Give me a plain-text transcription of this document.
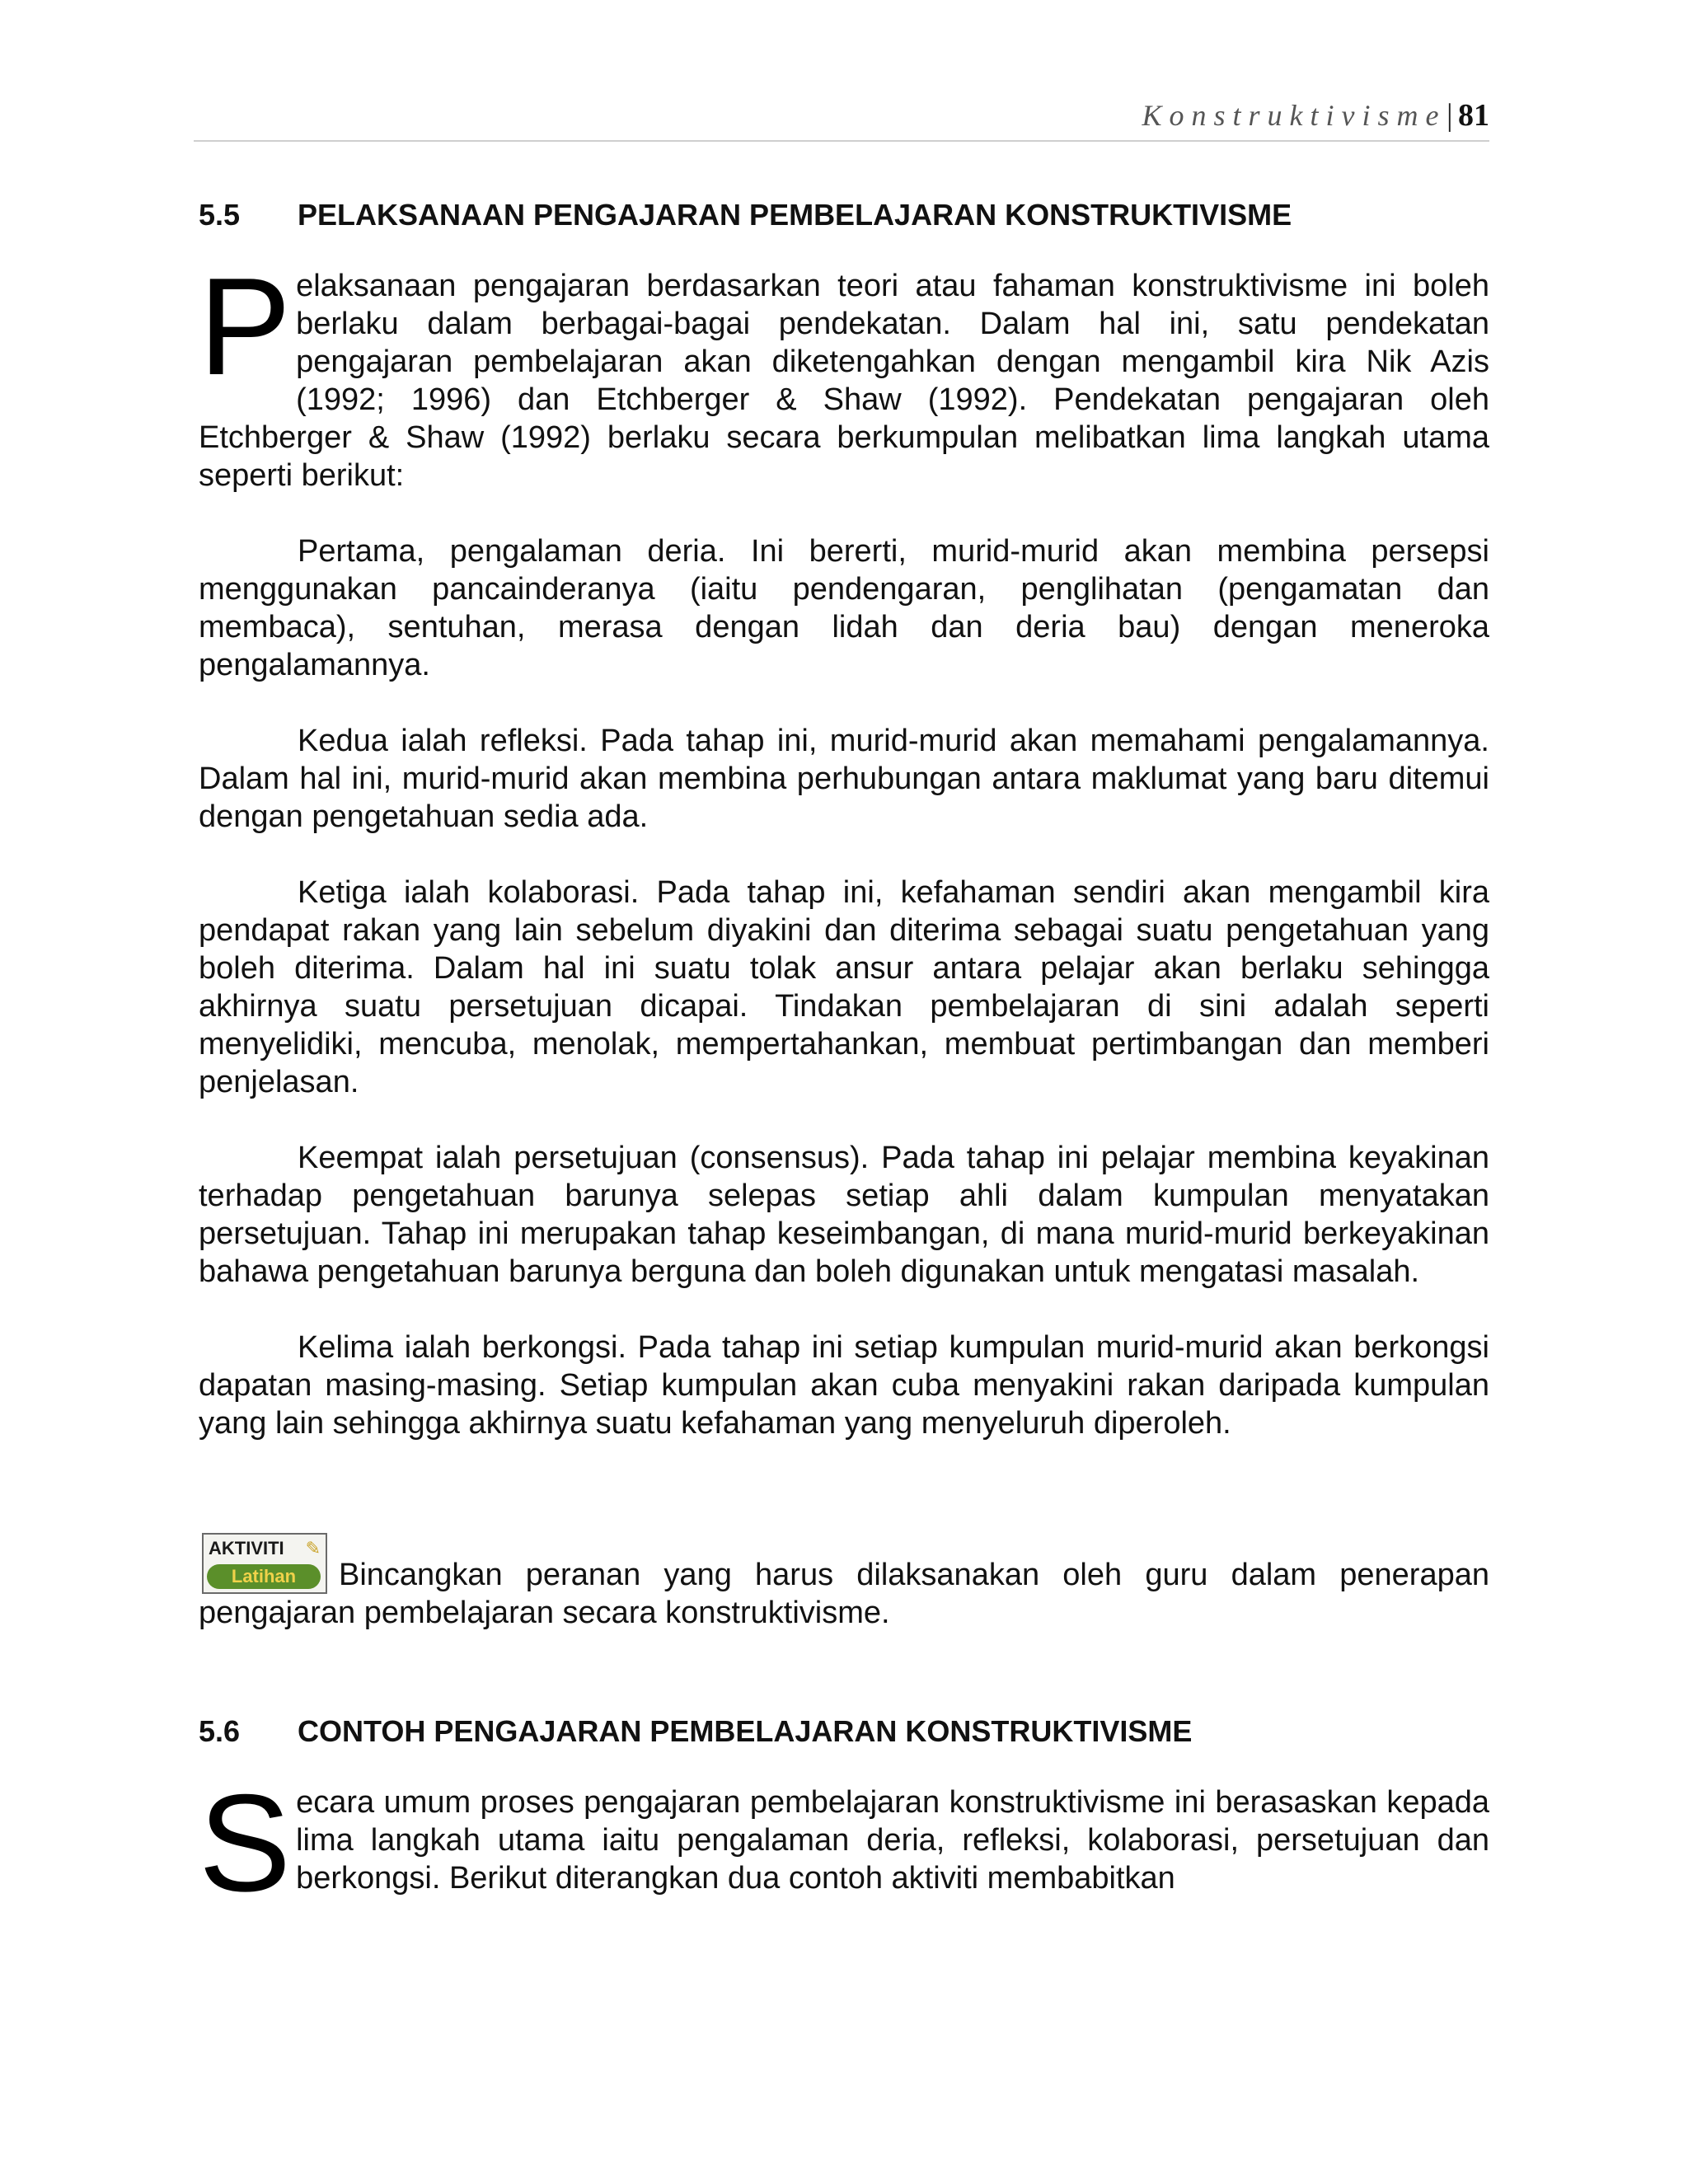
Konstruktivisme | 81
5.5	PELAKSANAAN PENGAJARAN PEMBELAJARAN KONSTRUKTIVISME

Pelaksanaan pengajaran berdasarkan teori atau fahaman konstruktivisme ini boleh berlaku dalam berbagai-bagai pendekatan. Dalam hal ini, satu pendekatan pengajaran pembelajaran akan diketengahkan dengan mengambil kira Nik Azis (1992; 1996) dan Etchberger & Shaw (1992). Pendekatan pengajaran oleh Etchberger & Shaw (1992) berlaku secara berkumpulan melibatkan lima langkah utama seperti berikut:

Pertama, pengalaman deria. Ini bererti, murid-murid akan membina persepsi menggunakan pancainderanya (iaitu pendengaran, penglihatan (pengamatan dan membaca), sentuhan, merasa dengan lidah dan deria bau) dengan meneroka pengalamannya.

Kedua ialah refleksi. Pada tahap ini, murid-murid akan memahami pengalamannya. Dalam hal ini, murid-murid akan membina perhubungan antara maklumat yang baru ditemui dengan pengetahuan sedia ada.

Ketiga ialah kolaborasi. Pada tahap ini, kefahaman sendiri akan mengambil kira pendapat rakan yang lain sebelum diyakini dan diterima sebagai suatu pengetahuan yang boleh diterima. Dalam hal ini suatu tolak ansur antara pelajar akan berlaku sehingga akhirnya suatu persetujuan dicapai. Tindakan pembelajaran di sini adalah seperti menyelidiki, mencuba, menolak, mempertahankan, membuat pertimbangan dan memberi penjelasan.

Keempat ialah persetujuan (consensus). Pada tahap ini pelajar membina keyakinan terhadap pengetahuan barunya selepas setiap ahli dalam kumpulan menyatakan persetujuan. Tahap ini merupakan tahap keseimbangan, di mana murid-murid berkeyakinan bahawa pengetahuan barunya berguna dan boleh digunakan untuk mengatasi masalah.

Kelima ialah berkongsi. Pada tahap ini setiap kumpulan murid-murid akan berkongsi dapatan masing-masing. Setiap kumpulan akan cuba menyakini rakan daripada kumpulan yang lain sehingga akhirnya suatu kefahaman yang menyeluruh diperoleh.

AKTIVITI ✎
Latihan	Bincangkan peranan yang harus dilaksanakan oleh guru dalam penerapan pengajaran pembelajaran secara konstruktivisme.

5.6	CONTOH PENGAJARAN PEMBELAJARAN KONSTRUKTIVISME

Secara umum proses pengajaran pembelajaran konstruktivisme ini berasaskan kepada lima langkah utama iaitu pengalaman deria, refleksi, kolaborasi, persetujuan dan berkongsi. Berikut diterangkan dua contoh aktiviti membabitkan
